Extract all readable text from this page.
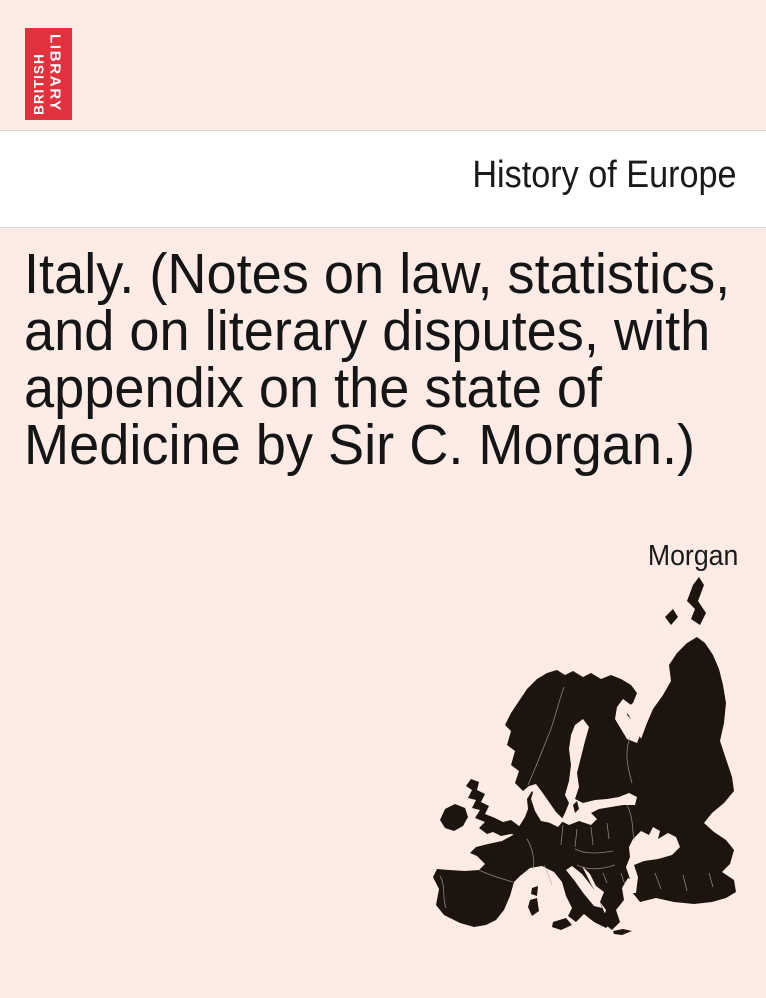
BRITISH LIBRARY
History of Europe
Italy. (Notes on law, statistics,
and on literary disputes, with
appendix on the state of
Medicine by Sir C. Morgan.)
Morgan
